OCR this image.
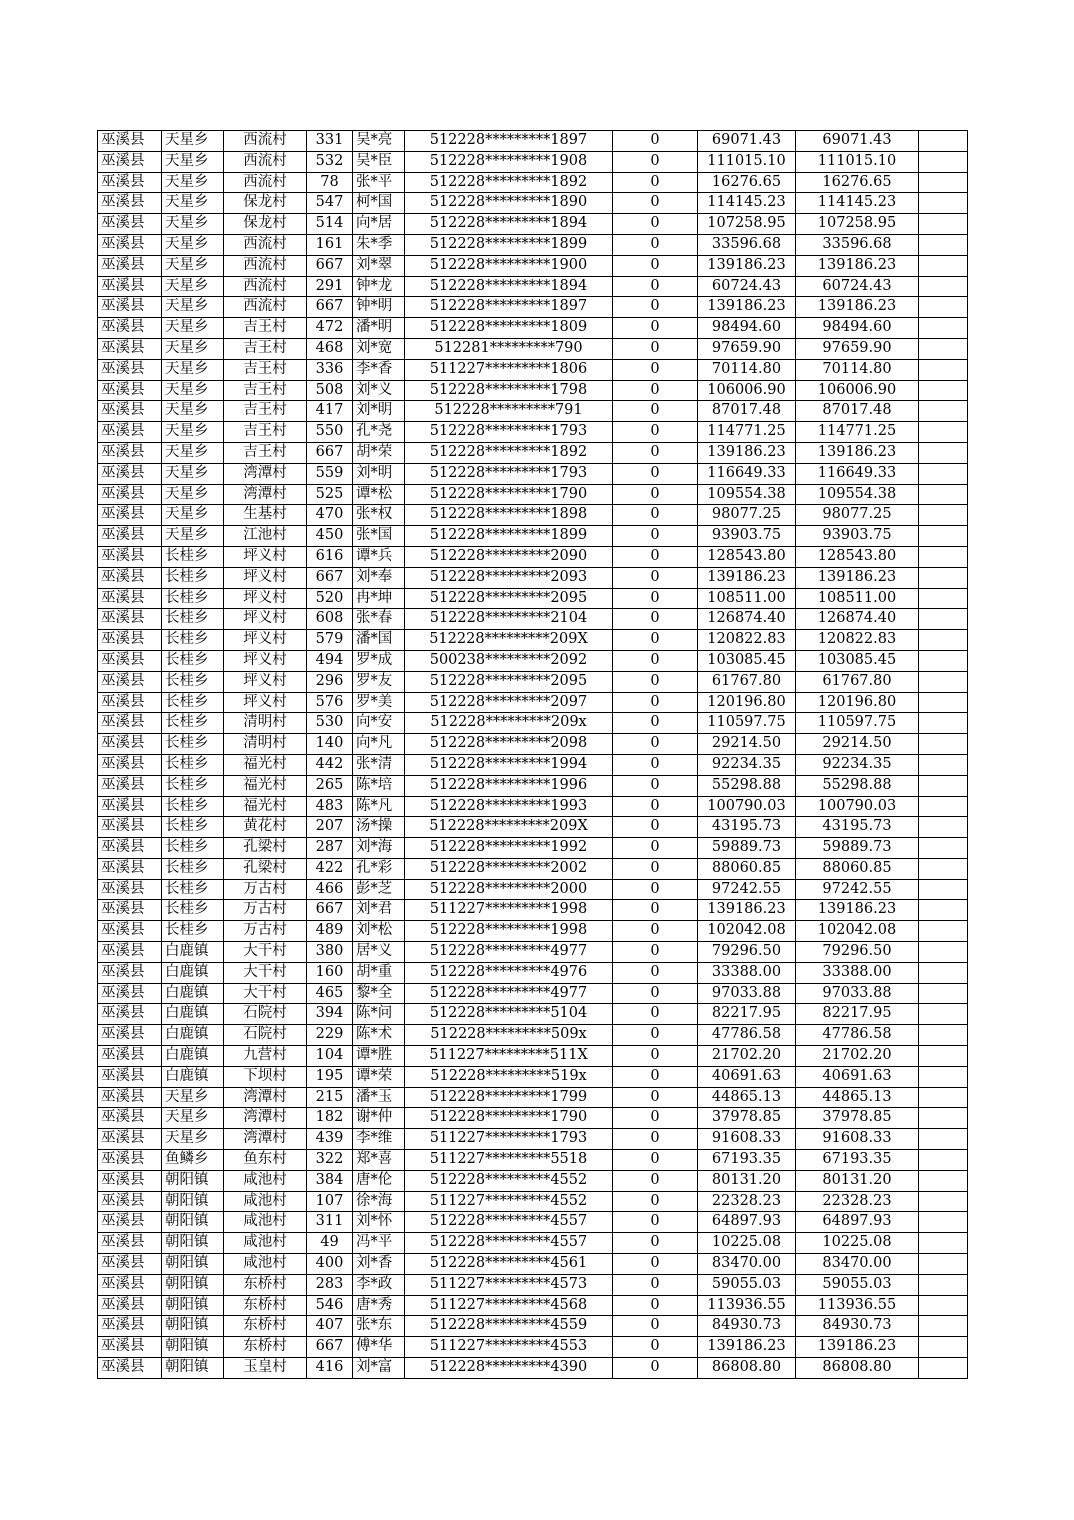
巫溪县	天星乡	西流村	331	吴*亮	512228*********1897	0	69071.43	69071.43	
巫溪县	天星乡	西流村	532	吴*臣	512228*********1908	0	111015.10	111015.10	
巫溪县	天星乡	西流村	78	张*平	512228*********1892	0	16276.65	16276.65	
巫溪县	天星乡	保龙村	547	柯*国	512228*********1890	0	114145.23	114145.23	
巫溪县	天星乡	保龙村	514	向*居	512228*********1894	0	107258.95	107258.95	
巫溪县	天星乡	西流村	161	朱*季	512228*********1899	0	33596.68	33596.68	
巫溪县	天星乡	西流村	667	刘*翠	512228*********1900	0	139186.23	139186.23	
巫溪县	天星乡	西流村	291	钟*龙	512228*********1894	0	60724.43	60724.43	
巫溪县	天星乡	西流村	667	钟*明	512228*********1897	0	139186.23	139186.23	
巫溪县	天星乡	吉王村	472	潘*明	512228*********1809	0	98494.60	98494.60	
巫溪县	天星乡	吉王村	468	刘*宽	512281*********790	0	97659.90	97659.90	
巫溪县	天星乡	吉王村	336	李*香	511227*********1806	0	70114.80	70114.80	
巫溪县	天星乡	吉王村	508	刘*义	512228*********1798	0	106006.90	106006.90	
巫溪县	天星乡	吉王村	417	刘*明	512228*********791	0	87017.48	87017.48	
巫溪县	天星乡	吉王村	550	孔*尧	512228*********1793	0	114771.25	114771.25	
巫溪县	天星乡	吉王村	667	胡*荣	512228*********1892	0	139186.23	139186.23	
巫溪县	天星乡	湾潭村	559	刘*明	512228*********1793	0	116649.33	116649.33	
巫溪县	天星乡	湾潭村	525	谭*松	512228*********1790	0	109554.38	109554.38	
巫溪县	天星乡	生基村	470	张*权	512228*********1898	0	98077.25	98077.25	
巫溪县	天星乡	江池村	450	张*国	512228*********1899	0	93903.75	93903.75	
巫溪县	长桂乡	坪义村	616	谭*兵	512228*********2090	0	128543.80	128543.80	
巫溪县	长桂乡	坪义村	667	刘*奉	512228*********2093	0	139186.23	139186.23	
巫溪县	长桂乡	坪义村	520	冉*坤	512228*********2095	0	108511.00	108511.00	
巫溪县	长桂乡	坪义村	608	张*春	512228*********2104	0	126874.40	126874.40	
巫溪县	长桂乡	坪义村	579	潘*国	512228*********209X	0	120822.83	120822.83	
巫溪县	长桂乡	坪义村	494	罗*成	500238*********2092	0	103085.45	103085.45	
巫溪县	长桂乡	坪义村	296	罗*友	512228*********2095	0	61767.80	61767.80	
巫溪县	长桂乡	坪义村	576	罗*美	512228*********2097	0	120196.80	120196.80	
巫溪县	长桂乡	清明村	530	向*安	512228*********209x	0	110597.75	110597.75	
巫溪县	长桂乡	清明村	140	向*凡	512228*********2098	0	29214.50	29214.50	
巫溪县	长桂乡	福光村	442	张*清	512228*********1994	0	92234.35	92234.35	
巫溪县	长桂乡	福光村	265	陈*培	512228*********1996	0	55298.88	55298.88	
巫溪县	长桂乡	福光村	483	陈*凡	512228*********1993	0	100790.03	100790.03	
巫溪县	长桂乡	黄花村	207	汤*操	512228*********209X	0	43195.73	43195.73	
巫溪县	长桂乡	孔梁村	287	刘*海	512228*********1992	0	59889.73	59889.73	
巫溪县	长桂乡	孔梁村	422	孔*彩	512228*********2002	0	88060.85	88060.85	
巫溪县	长桂乡	万古村	466	彭*芝	512228*********2000	0	97242.55	97242.55	
巫溪县	长桂乡	万古村	667	刘*君	511227*********1998	0	139186.23	139186.23	
巫溪县	长桂乡	万古村	489	刘*松	512228*********1998	0	102042.08	102042.08	
巫溪县	白鹿镇	大干村	380	居*义	512228*********4977	0	79296.50	79296.50	
巫溪县	白鹿镇	大干村	160	胡*重	512228*********4976	0	33388.00	33388.00	
巫溪县	白鹿镇	大干村	465	黎*全	512228*********4977	0	97033.88	97033.88	
巫溪县	白鹿镇	石院村	394	陈*问	512228*********5104	0	82217.95	82217.95	
巫溪县	白鹿镇	石院村	229	陈*术	512228*********509x	0	47786.58	47786.58	
巫溪县	白鹿镇	九营村	104	谭*胜	511227*********511X	0	21702.20	21702.20	
巫溪县	白鹿镇	下坝村	195	谭*荣	512228*********519x	0	40691.63	40691.63	
巫溪县	天星乡	湾潭村	215	潘*玉	512228*********1799	0	44865.13	44865.13	
巫溪县	天星乡	湾潭村	182	谢*仲	512228*********1790	0	37978.85	37978.85	
巫溪县	天星乡	湾潭村	439	李*维	511227*********1793	0	91608.33	91608.33	
巫溪县	鱼鳞乡	鱼东村	322	郑*喜	511227*********5518	0	67193.35	67193.35	
巫溪县	朝阳镇	咸池村	384	唐*伦	512228*********4552	0	80131.20	80131.20	
巫溪县	朝阳镇	咸池村	107	徐*海	511227*********4552	0	22328.23	22328.23	
巫溪县	朝阳镇	咸池村	311	刘*怀	512228*********4557	0	64897.93	64897.93	
巫溪县	朝阳镇	咸池村	49	冯*平	512228*********4557	0	10225.08	10225.08	
巫溪县	朝阳镇	咸池村	400	刘*香	512228*********4561	0	83470.00	83470.00	
巫溪县	朝阳镇	东桥村	283	李*政	511227*********4573	0	59055.03	59055.03	
巫溪县	朝阳镇	东桥村	546	唐*秀	511227*********4568	0	113936.55	113936.55	
巫溪县	朝阳镇	东桥村	407	张*东	512228*********4559	0	84930.73	84930.73	
巫溪县	朝阳镇	东桥村	667	傅*华	511227*********4553	0	139186.23	139186.23	
巫溪县	朝阳镇	玉皇村	416	刘*富	512228*********4390	0	86808.80	86808.80	
